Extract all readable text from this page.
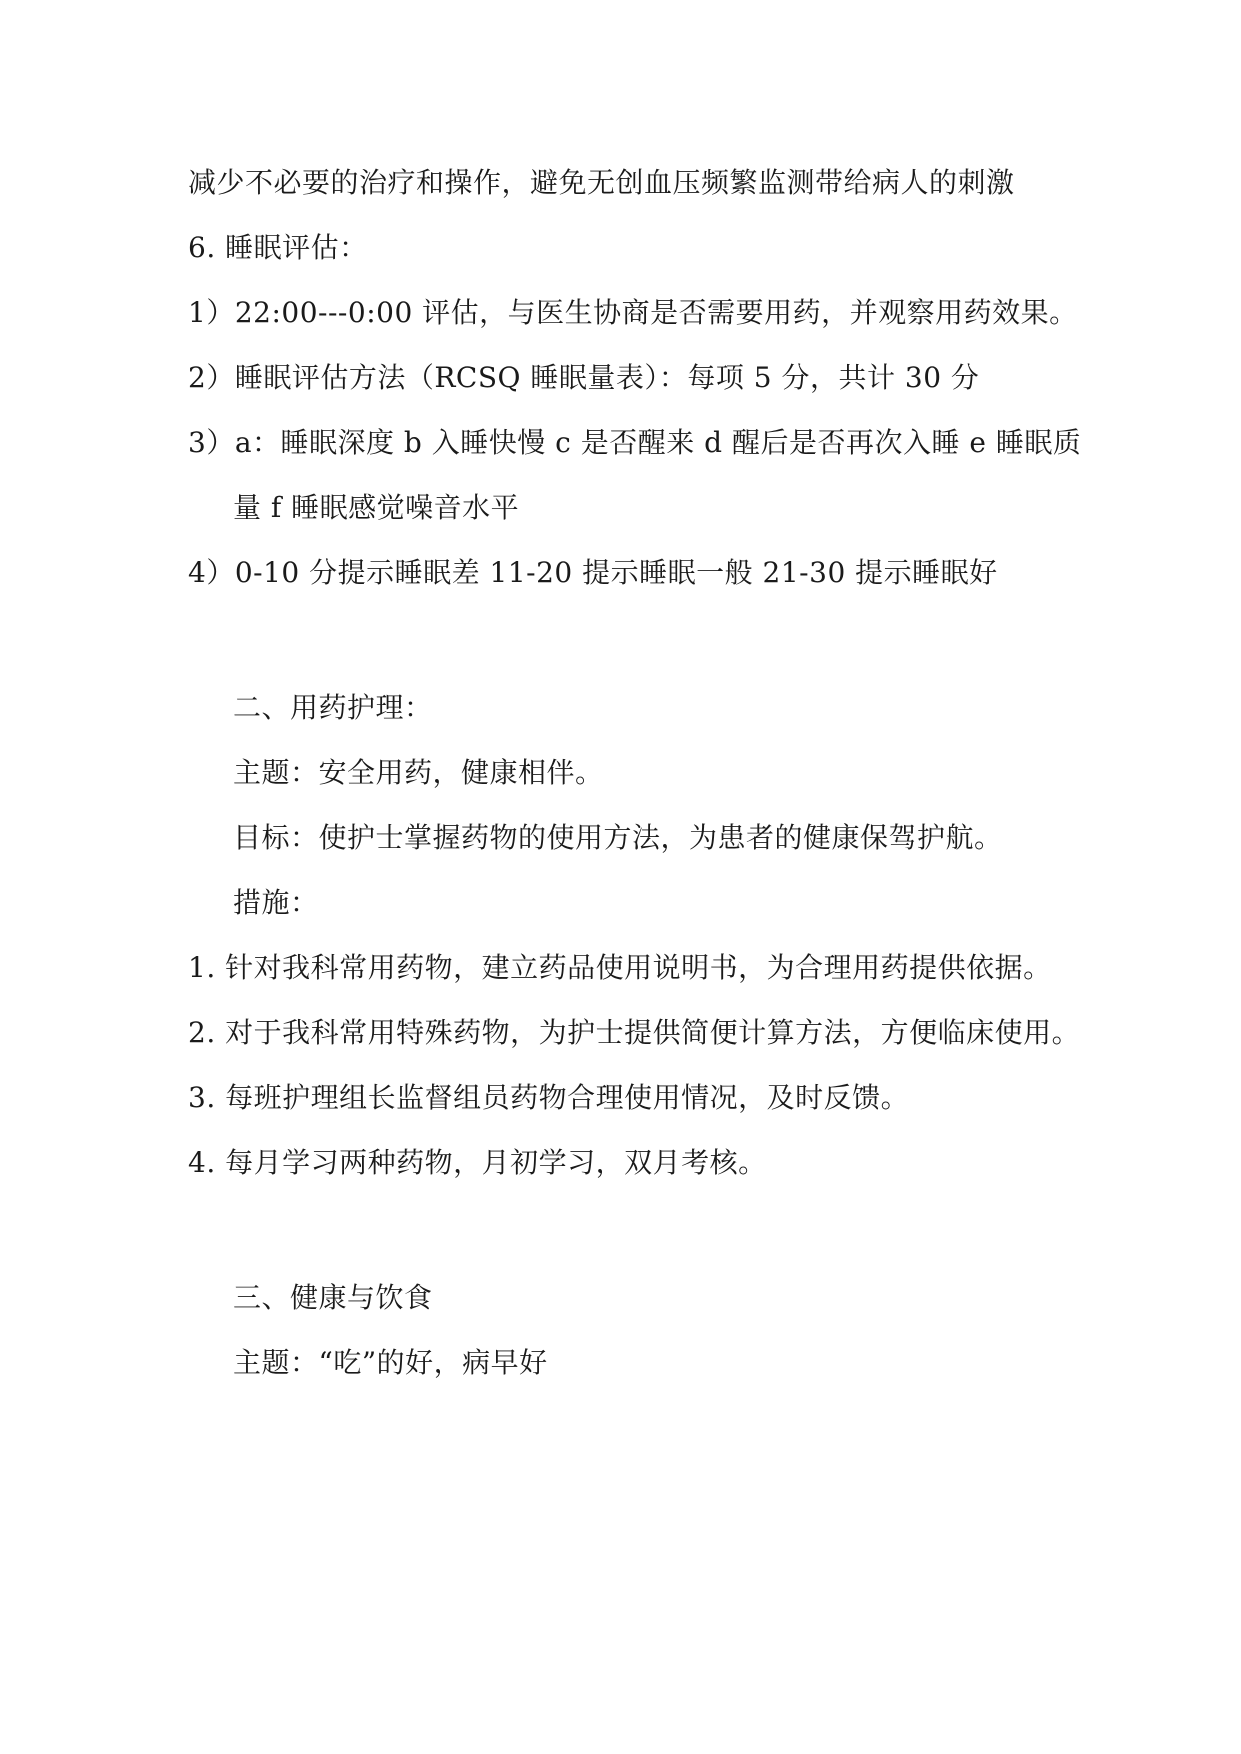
减少不必要的治疗和操作，避免无创血压频繁监测带给病人的刺激
6. 睡眠评估：
1）22:00---0:00 评估，与医生协商是否需要用药，并观察用药效果。
2）睡眠评估方法（RCSQ 睡眠量表）：每项 5 分，共计 30 分
3）a：睡眠深度 b 入睡快慢 c 是否醒来 d 醒后是否再次入睡 e 睡眠质
量 f 睡眠感觉噪音水平
4）0-10 分提示睡眠差 11-20 提示睡眠一般 21-30 提示睡眠好
二、用药护理：
主题：安全用药，健康相伴。
目标：使护士掌握药物的使用方法，为患者的健康保驾护航。
措施：
1. 针对我科常用药物，建立药品使用说明书，为合理用药提供依据。
2. 对于我科常用特殊药物，为护士提供简便计算方法，方便临床使用。
3. 每班护理组长监督组员药物合理使用情况，及时反馈。
4. 每月学习两种药物，月初学习，双月考核。
三、健康与饮食
主题：“吃”的好，病早好
